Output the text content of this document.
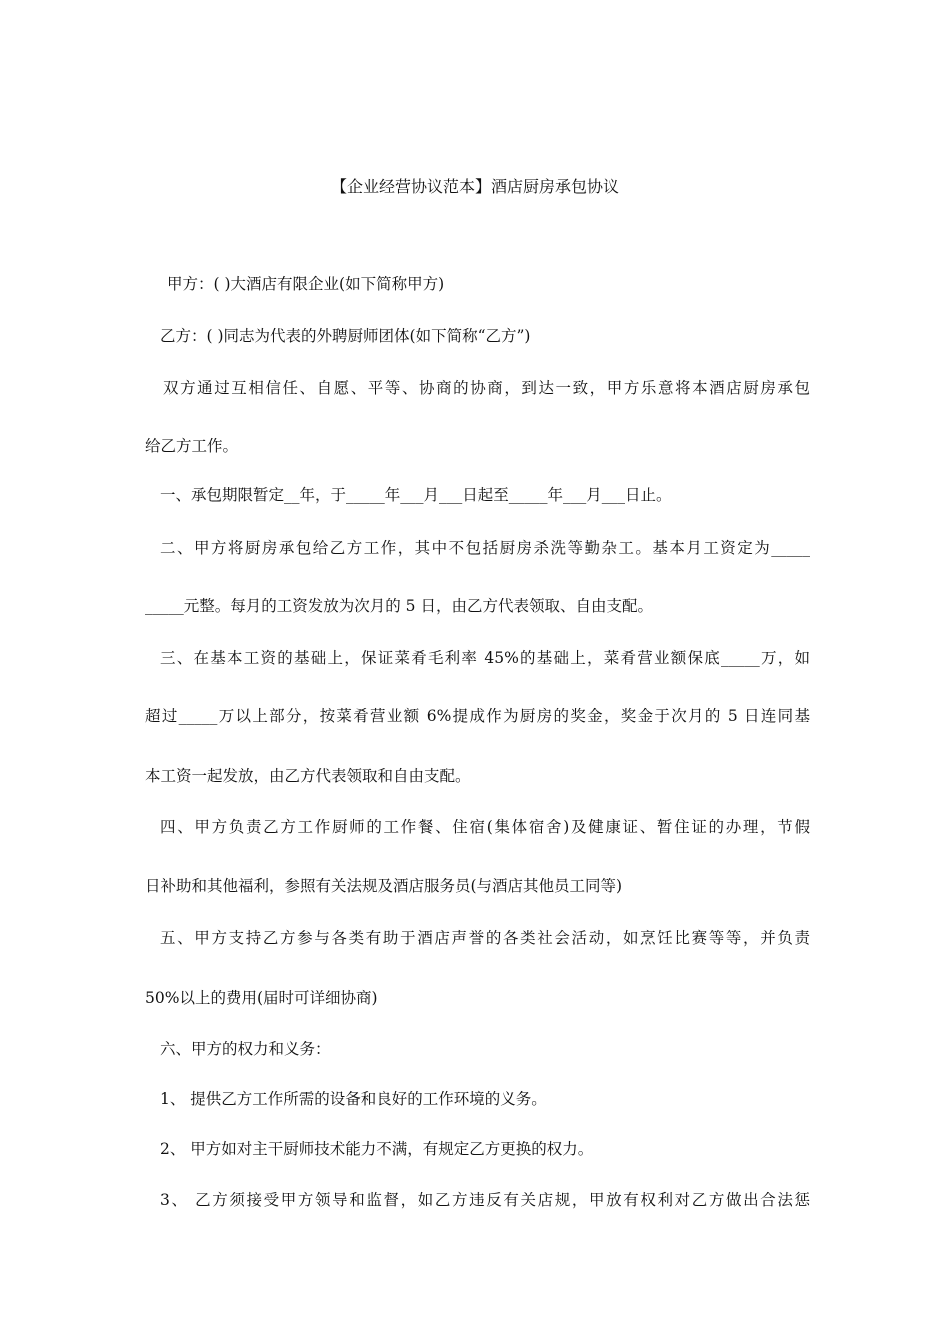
【企业经营协议范本】酒店厨房承包协议
甲方：( )大酒店有限企业(如下简称甲方)
乙方：( )同志为代表的外聘厨师团体(如下简称“乙方”)
双方通过互相信任、自愿、平等、协商的协商，到达一致，甲方乐意将本酒店厨房承包
给乙方工作。
一、承包期限暂定__年，于_____年___月___日起至_____年___月___日止。
二、甲方将厨房承包给乙方工作，其中不包括厨房杀洗等勤杂工。基本月工资定为_____
_____元整。每月的工资发放为次月的 5 日，由乙方代表领取、自由支配。
三、在基本工资的基础上，保证菜肴毛利率 45%的基础上，菜肴营业额保底_____万，如
超过_____万以上部分，按菜肴营业额 6%提成作为厨房的奖金，奖金于次月的 5 日连同基
本工资一起发放，由乙方代表领取和自由支配。
四、甲方负责乙方工作厨师的工作餐、住宿(集体宿舍)及健康证、暂住证的办理，节假
日补助和其他福利，参照有关法规及酒店服务员(与酒店其他员工同等)
五、甲方支持乙方参与各类有助于酒店声誉的各类社会活动，如烹饪比赛等等，并负责
50%以上的费用(届时可详细协商)
六、甲方的权力和义务：
1、 提供乙方工作所需的设备和良好的工作环境的义务。
2、 甲方如对主干厨师技术能力不满，有规定乙方更换的权力。
3、 乙方须接受甲方领导和监督，如乙方违反有关店规，甲放有权利对乙方做出合法惩
